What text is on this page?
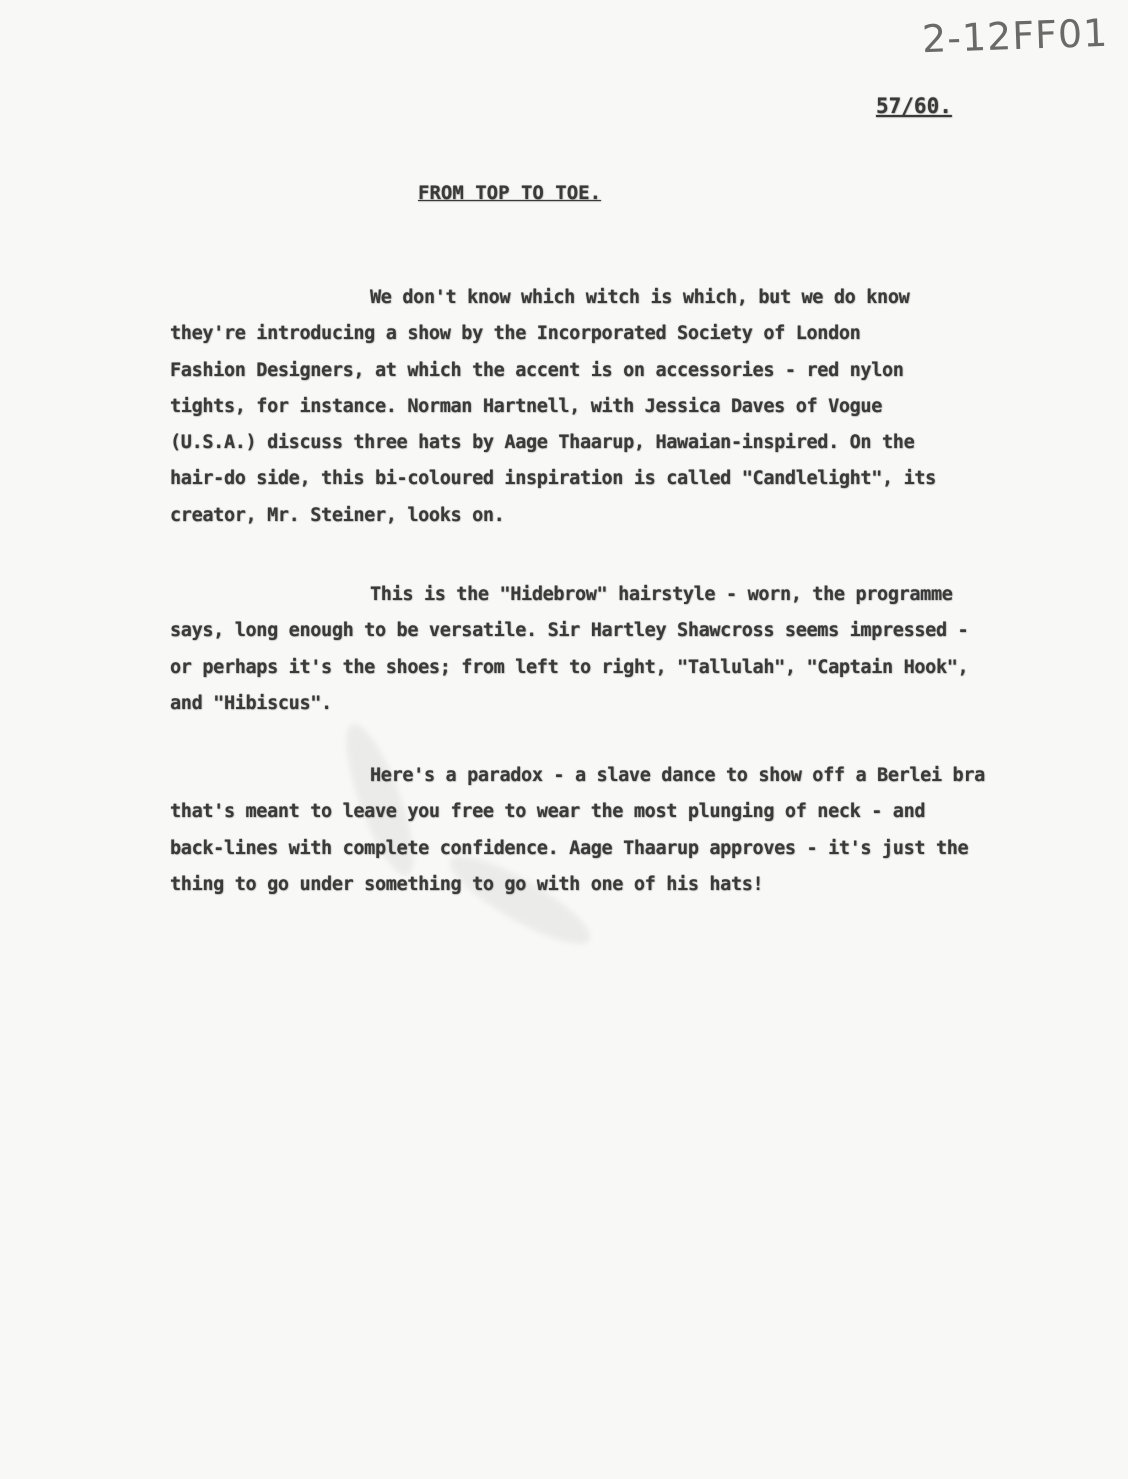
2-12FF01
57/60.
FROM TOP TO TOE.
We don't know which witch is which, but we do know
they're introducing a show by the Incorporated Society of London
Fashion Designers, at which the accent is on accessories - red nylon
tights, for instance. Norman Hartnell, with Jessica Daves of Vogue
(U.S.A.) discuss three hats by Aage Thaarup, Hawaian-inspired. On the
hair-do side, this bi-coloured inspiration is called "Candlelight", its
creator, Mr. Steiner, looks on.
This is the "Hidebrow" hairstyle - worn, the programme
says, long enough to be versatile. Sir Hartley Shawcross seems impressed -
or perhaps it's the shoes; from left to right, "Tallulah", "Captain Hook",
and "Hibiscus".
Here's a paradox - a slave dance to show off a Berlei bra
that's meant to leave you free to wear the most plunging of neck - and
back-lines with complete confidence. Aage Thaarup approves - it's just the
thing to go under something to go with one of his hats!
